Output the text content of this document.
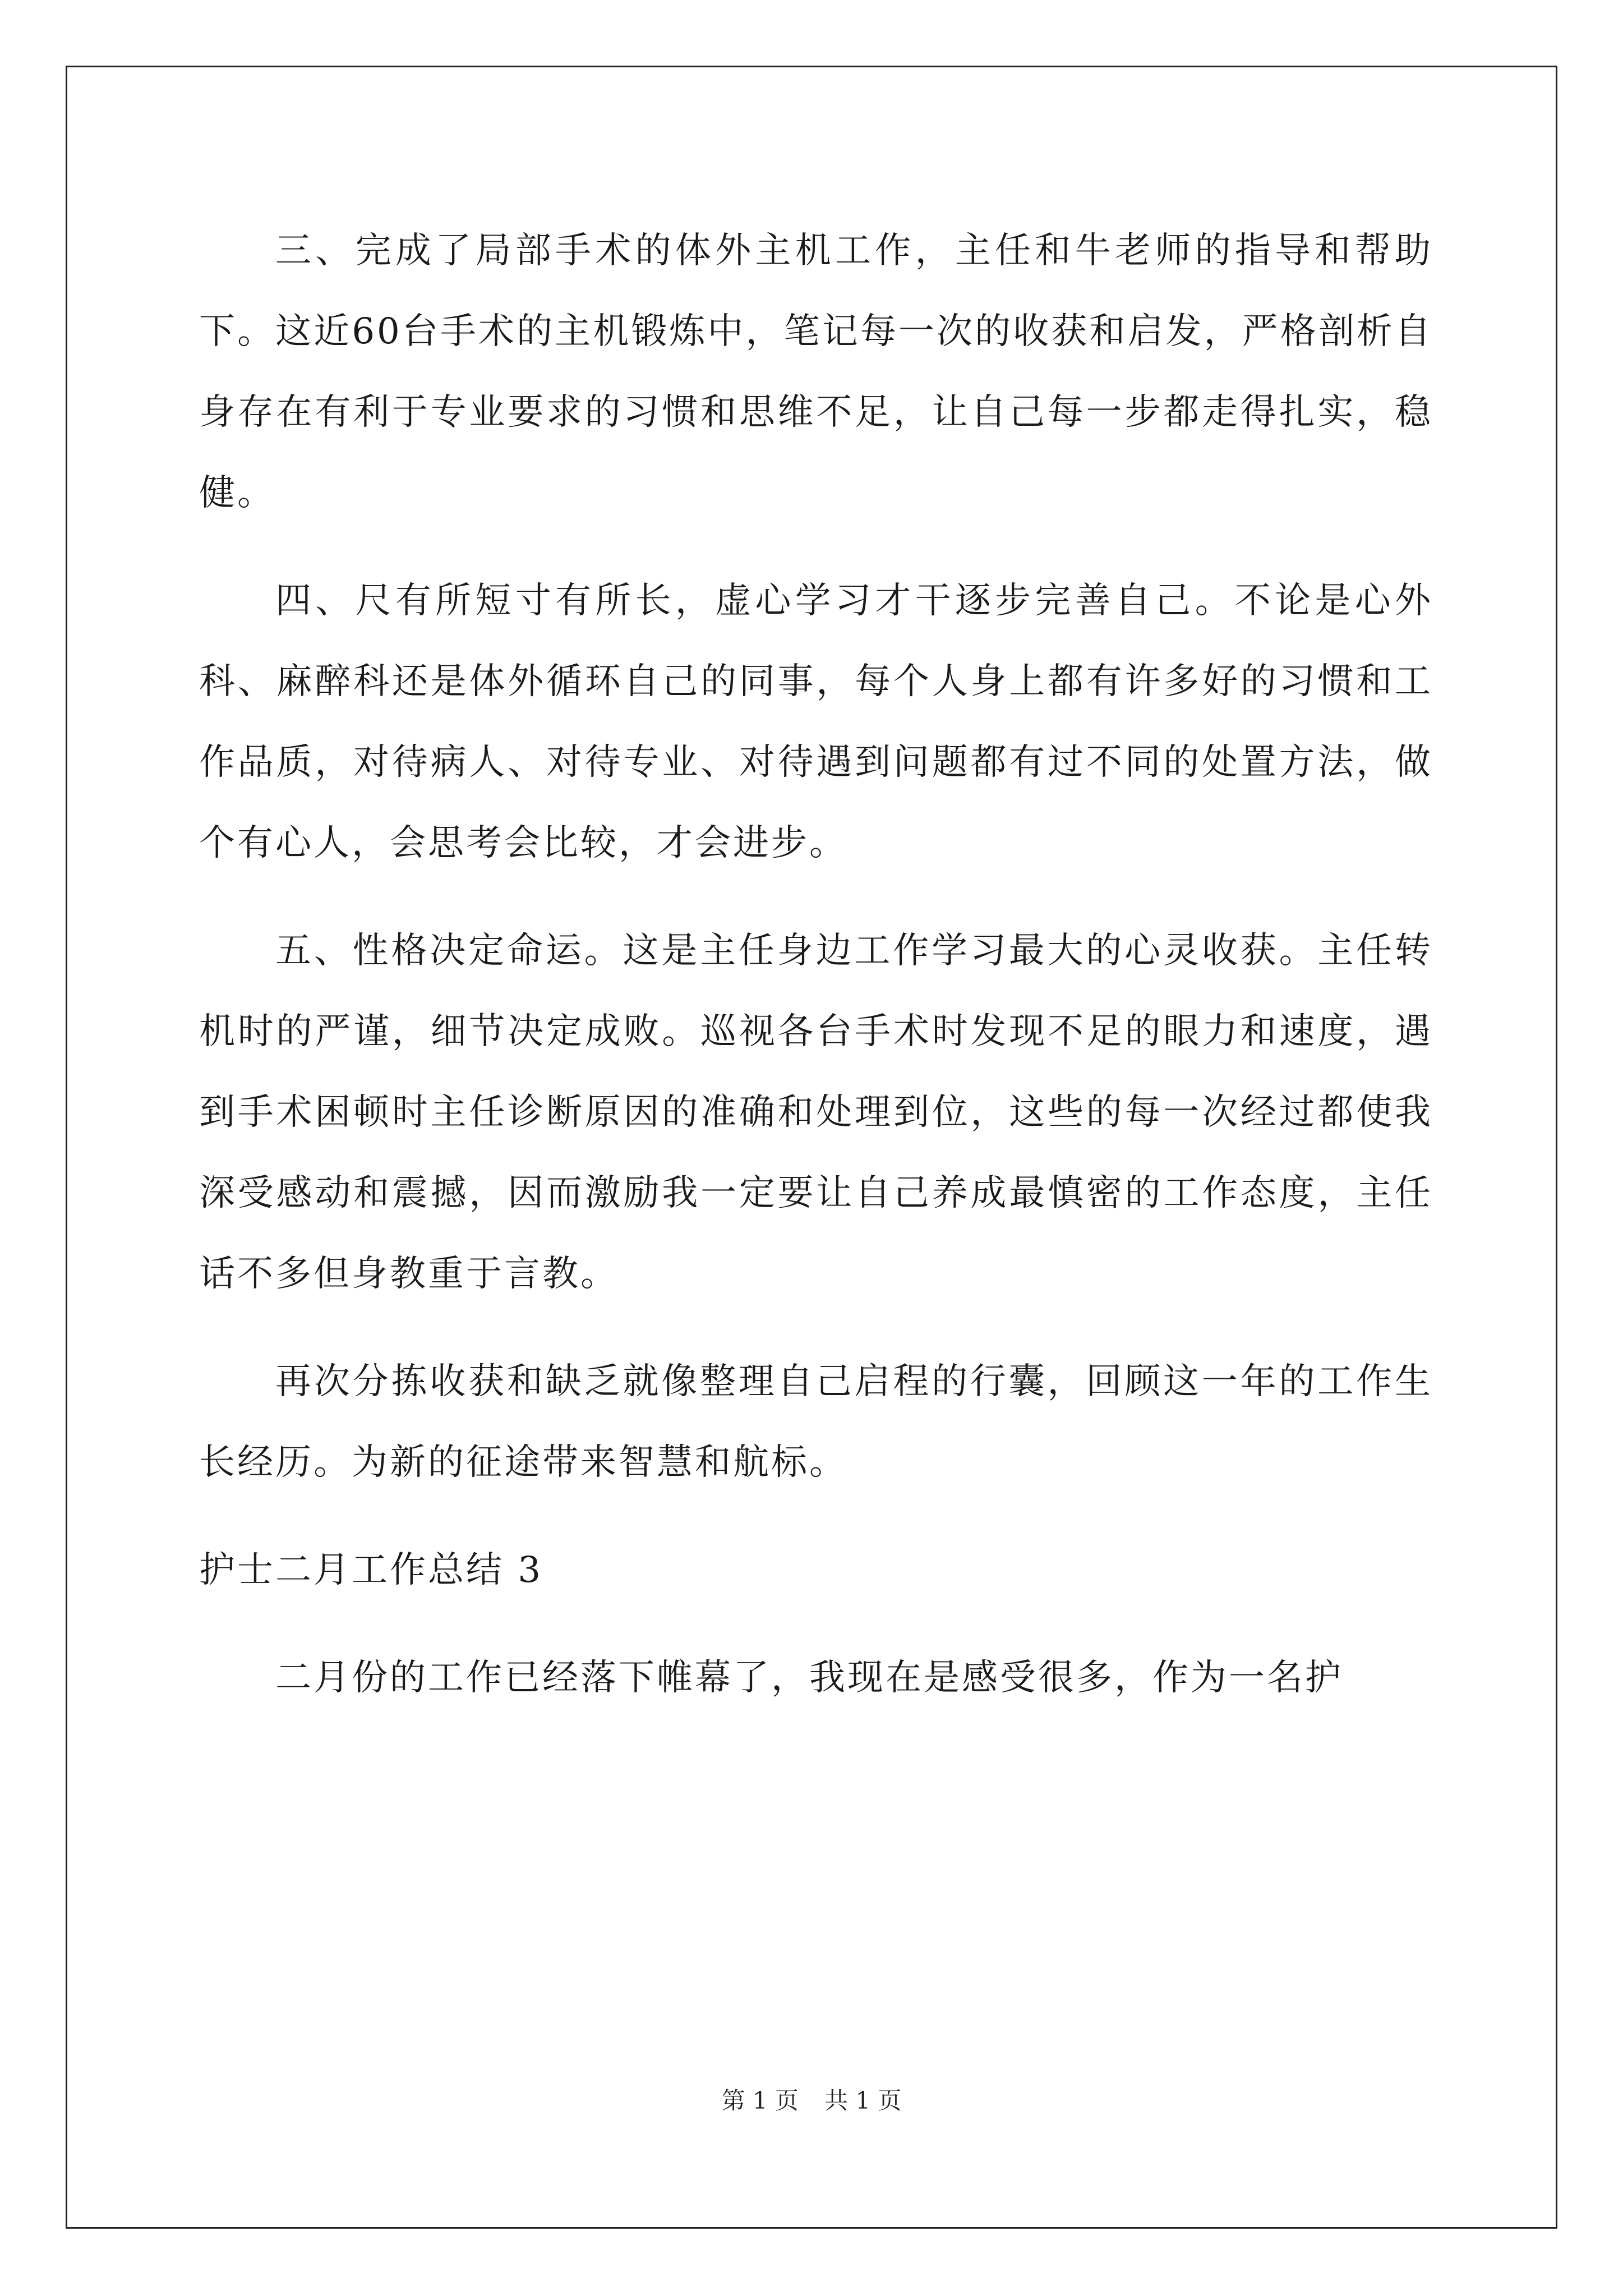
三、完成了局部手术的体外主机工作，主任和牛老师的指导和帮助下。这近60台手术的主机锻炼中，笔记每一次的收获和启发，严格剖析自身存在有利于专业要求的习惯和思维不足，让自己每一步都走得扎实，稳健。

四、尺有所短寸有所长，虚心学习才干逐步完善自己。不论是心外科、麻醉科还是体外循环自己的同事，每个人身上都有许多好的习惯和工作品质，对待病人、对待专业、对待遇到问题都有过不同的处置方法，做个有心人，会思考会比较，才会进步。

五、性格决定命运。这是主任身边工作学习最大的心灵收获。主任转机时的严谨，细节决定成败。巡视各台手术时发现不足的眼力和速度，遇到手术困顿时主任诊断原因的准确和处理到位，这些的每一次经过都使我深受感动和震撼，因而激励我一定要让自己养成最慎密的工作态度，主任话不多但身教重于言教。

再次分拣收获和缺乏就像整理自己启程的行囊，回顾这一年的工作生长经历。为新的征途带来智慧和航标。

护士二月工作总结 3

二月份的工作已经落下帷幕了，我现在是感受很多，作为一名护

第 1 页 共 1 页
